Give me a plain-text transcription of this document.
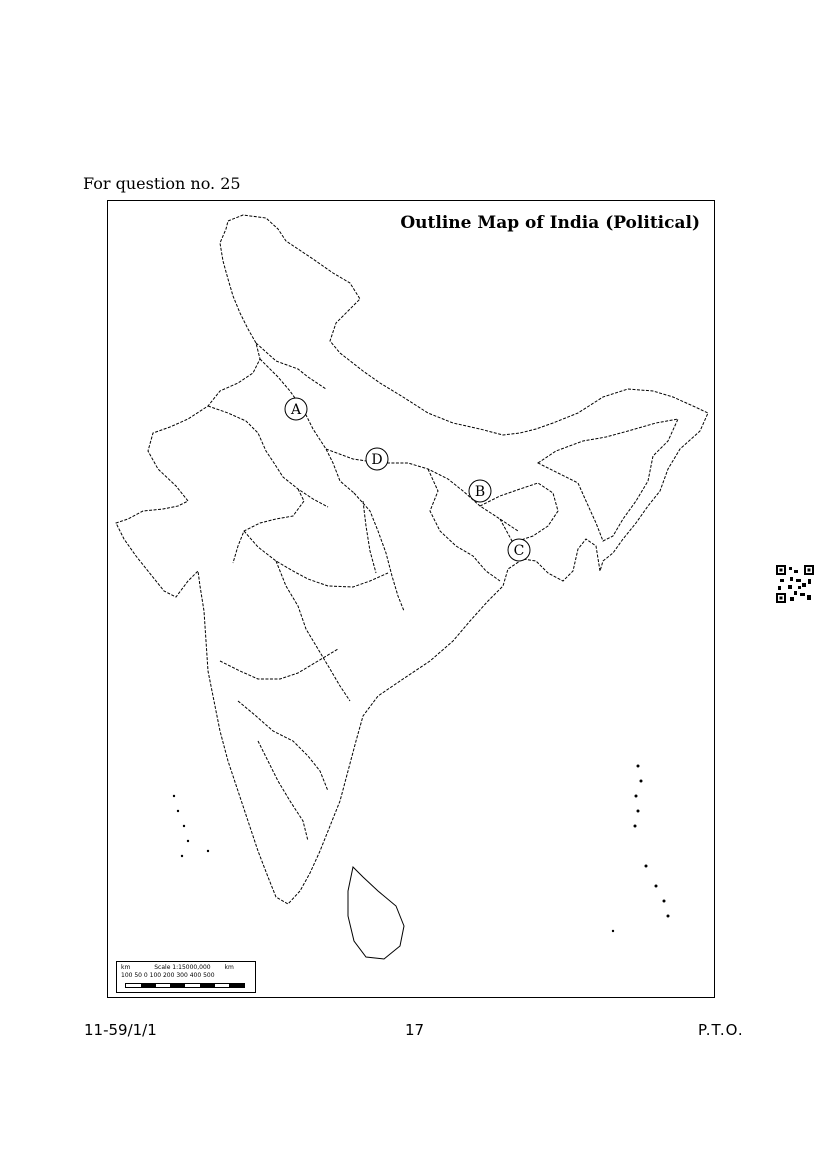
For question no. 25
A
D
B
C
Outline Map of India (Political)
km	Scale 1:15000,000 km
100 50 0 100 200 300 400 500
11-59/1/1	17	P.T.O.
